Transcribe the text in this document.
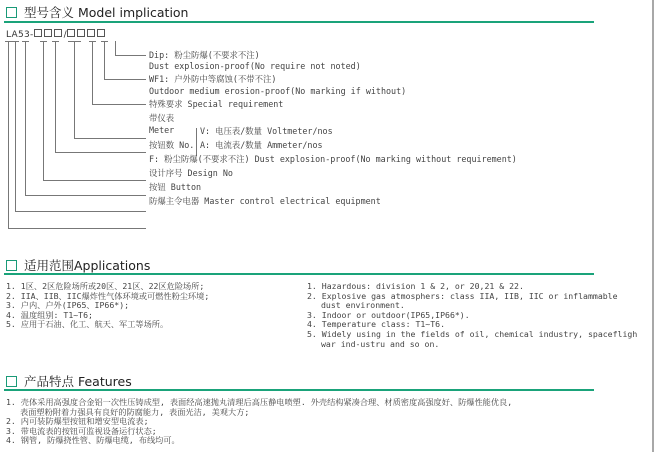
型号含义 Model implication
LA53-	/
Dip: 粉尘防爆(不要求不注)
Dust explosion-proof(No require not noted)
WF1: 户外防中等腐蚀(不带不注)
Outdoor medium erosion-proof(No marking if without)
特殊要求 Special requirement
带仪表
Meter	V: 电压表/数量 Voltmeter/nos
按钮数 No. A: 电流表/数量 Ammeter/nos
F: 粉尘防爆(不要求不注) Dust explosion-proof(No marking without requirement)
设计序号 Design No
按钮 Button
防爆主令电器 Master control electrical equipment
适用范围Applications
1. 1区、2区危险场所或20区、21区、22区危险场所;
2. IIA、IIB、IIC爆炸性气体环境或可燃性粉尘环境;
3. 户内、户外(IP65、IP66*);
4. 温度组别: T1~T6;
5. 应用于石油、化工、航天、军工等场所。
1. Hazardous: division 1 & 2, or 20,21 & 22.
2. Explosive gas atmosphers: class IIA, IIB, IIC or inflammable
dust environment.
3. Indoor or outdoor(IP65,IP66*).
4. Temperature class: T1~T6.
5. Widely using in the fields of oil, chemical industry, spacefligh
war ind-ustru and so on.
产品特点 Features
1. 壳体采用高强度合金铝一次性压铸成型, 表面经高速抛丸清理后高压静电喷塑. 外壳结构紧凑合理、材质密度高强度好、防爆性能优良,
表面塑粉附着力强具有良好的防腐能力, 表面光洁, 美观大方;
2. 内可装防爆型按钮和增安型电流表;
3. 带电流表的按钮可监视设备运行状态;
4. 钢管, 防爆挠性管、防爆电缆, 布线均可。
